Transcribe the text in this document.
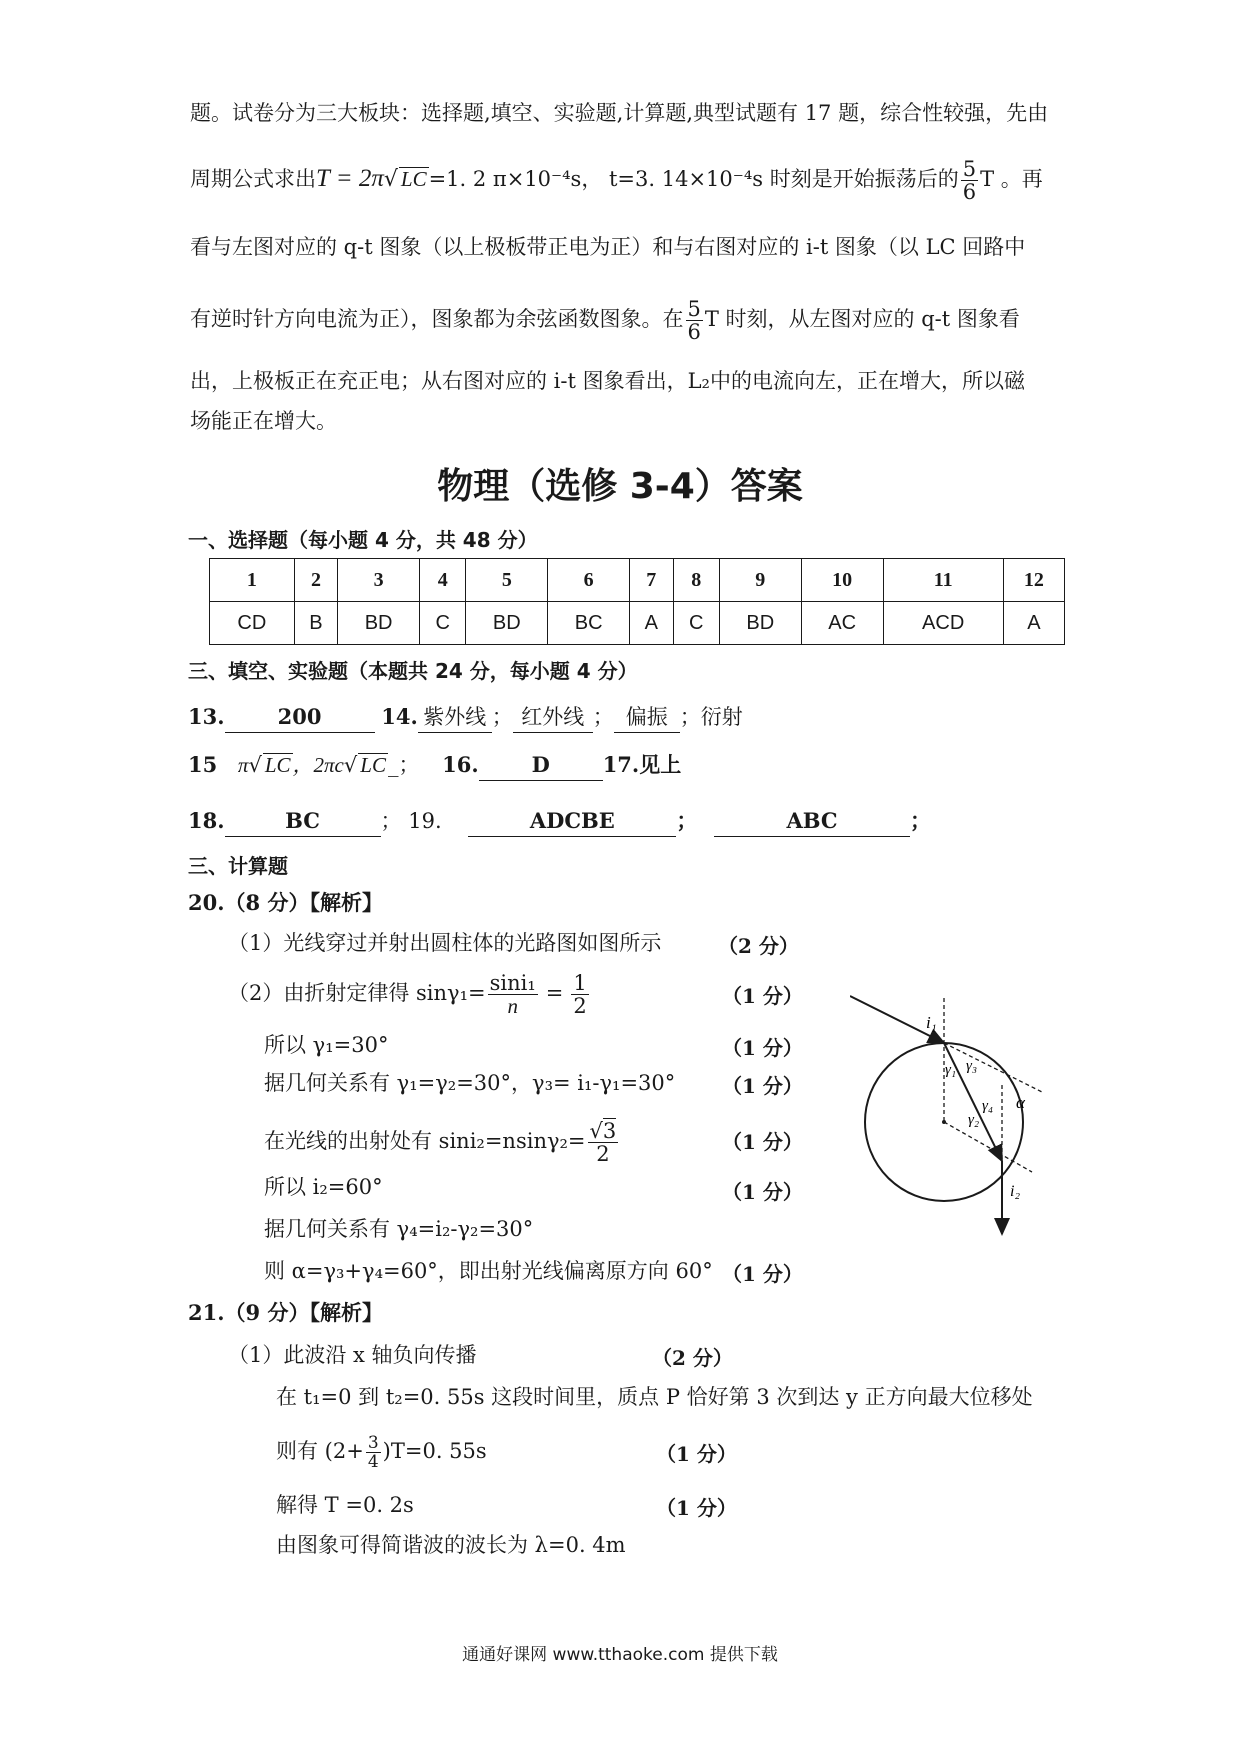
题。试卷分为三大板块：选择题,填空、实验题,计算题,典型试题有 17 题，综合性较强，先由
周期公式求出T = 2π√ LC=1. 2 π×10⁻⁴s， t=3. 14×10⁻⁴s 时刻是开始振荡后的 $\frac{5}{6}$ T 。再
看与左图对应的 q-t 图象（以上极板带正电为正）和与右图对应的 i-t 图象（以 LC 回路中
有逆时针方向电流为正），图象都为余弦函数图象。在 $\frac{5}{6}$ T 时刻，从左图对应的 q-t 图象看
出，上极板正在充正电；从右图对应的 i-t 图象看出，L₂中的电流向左，正在增大，所以磁
场能正在增大。
物理（选修 3-4）答案
一、选择题（每小题 4 分，共 48 分）
1	2	3	4	5	6	7	8	9	10	11	12
CD	B	BD	C	BD	BC	A	C	BD	AC	ACD	A
三、填空、实验题（本题共 24 分，每小题 4 分）
13.	200	14. 紫外线 ； 红外线 ； 偏振 ；衍射
15 π√ LC，2πc√ LC_； 16.	D	17.见上
18.	BC	； 19.	ADCBE	；	ABC	；
三、计算题
20.（8 分）【解析】
（1）光线穿过并射出圆柱体的光路图如图所示	（2 分）
（2）由折射定律得 $\sin\gamma_1= \frac{\text{sini₁}}{n} = \frac{1}{2}$	（1 分）
所以 γ₁=30°	（1 分）
据几何关系有 γ₁=γ₂=30°，γ₃= i₁-γ₁=30° （1 分）
在光线的出射处有 $\sin i_2=nsin\gamma_2= \frac{√3}{2}$	（1 分）
所以 i₂=60°	（1 分）
据几何关系有 γ₄=i₂-γ₂=30°
则 α=γ₃+γ₄=60°，即出射光线偏离原方向 60° （1 分）
i₁
γ₁ γ₃
γ₄
γ₂
α
i₂
21.（9 分）【解析】
（1）此波沿 x 轴负向传播	（2 分）
在 t₁=0 到 t₂=0. 55s 这段时间里，质点 P 恰好第 3 次到达 y 正方向最大位移处
则有 $(2+ \frac{3}{4} )T=0$. 55s	（1 分）
解得 T =0. 2s	（1 分）
由图象可得简谐波的波长为 λ=0. 4m
通通好课网 www.tthaoke.com 提供下载
